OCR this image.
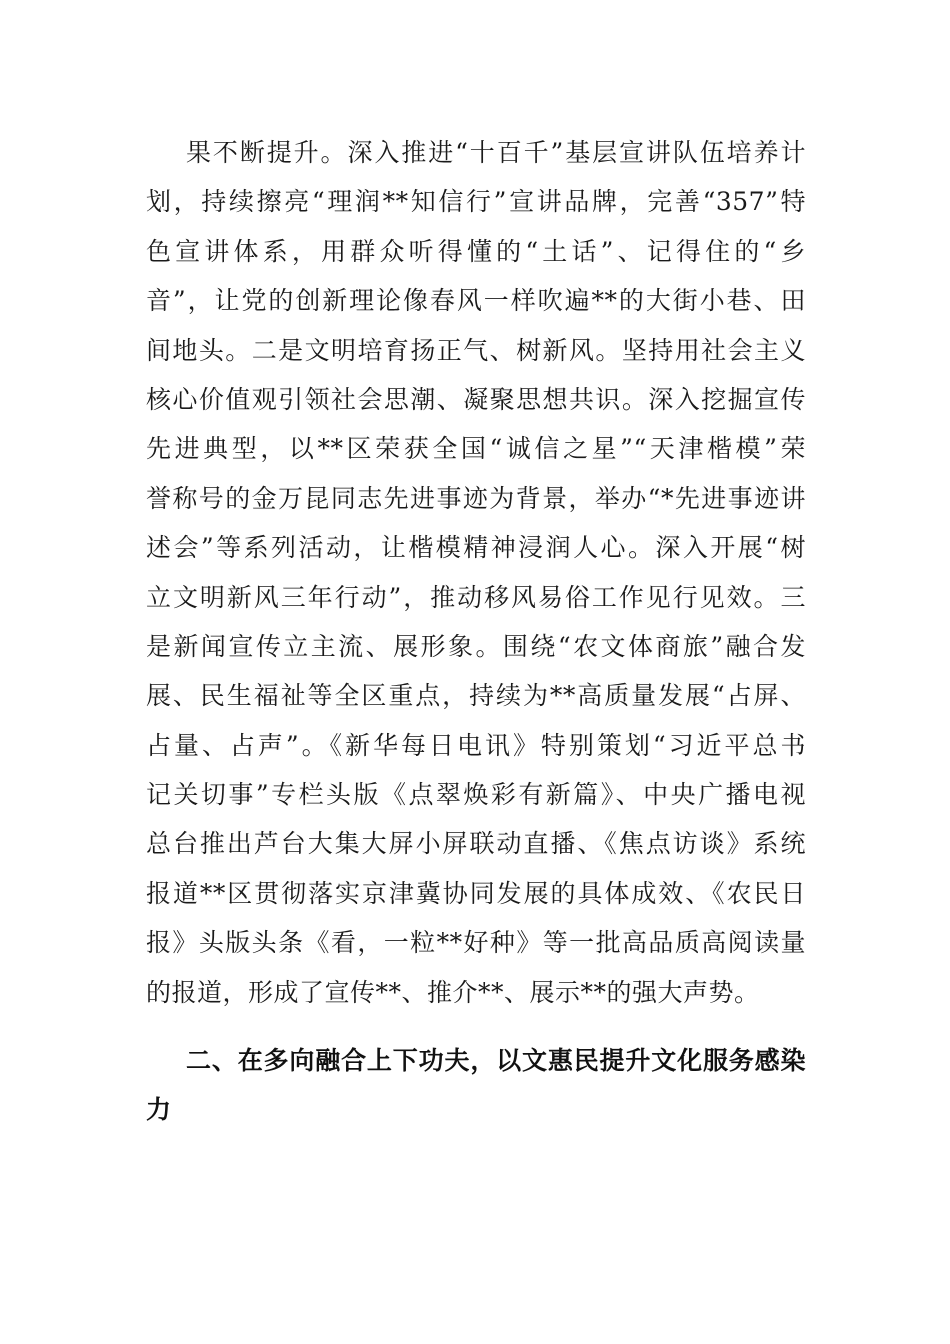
果不断提升。深入推进“十百千”基层宣讲队伍培养计
划，持续擦亮“理润**知信行”宣讲品牌，完善“357”特
色宣讲体系，用群众听得懂的“土话”、记得住的“乡
音”，让党的创新理论像春风一样吹遍**的大街小巷、田
间地头。二是文明培育扬正气、树新风。坚持用社会主义
核心价值观引领社会思潮、凝聚思想共识。深入挖掘宣传
先进典型，以**区荣获全国“诚信之星”“天津楷模”荣
誉称号的金万昆同志先进事迹为背景，举办“*先进事迹讲
述会”等系列活动，让楷模精神浸润人心。深入开展“树
立文明新风三年行动”，推动移风易俗工作见行见效。三
是新闻宣传立主流、展形象。围绕“农文体商旅”融合发
展、民生福祉等全区重点，持续为**高质量发展“占屏、
占量、占声”。《新华每日电讯》特别策划“习近平总书
记关切事”专栏头版《点翠焕彩有新篇》、中央广播电视
总台推出芦台大集大屏小屏联动直播、《焦点访谈》系统
报道**区贯彻落实京津冀协同发展的具体成效、《农民日
报》头版头条《看，一粒**好种》等一批高品质高阅读量
的报道，形成了宣传**、推介**、展示**的强大声势。
二、在多向融合上下功夫，以文惠民提升文化服务感染
力
